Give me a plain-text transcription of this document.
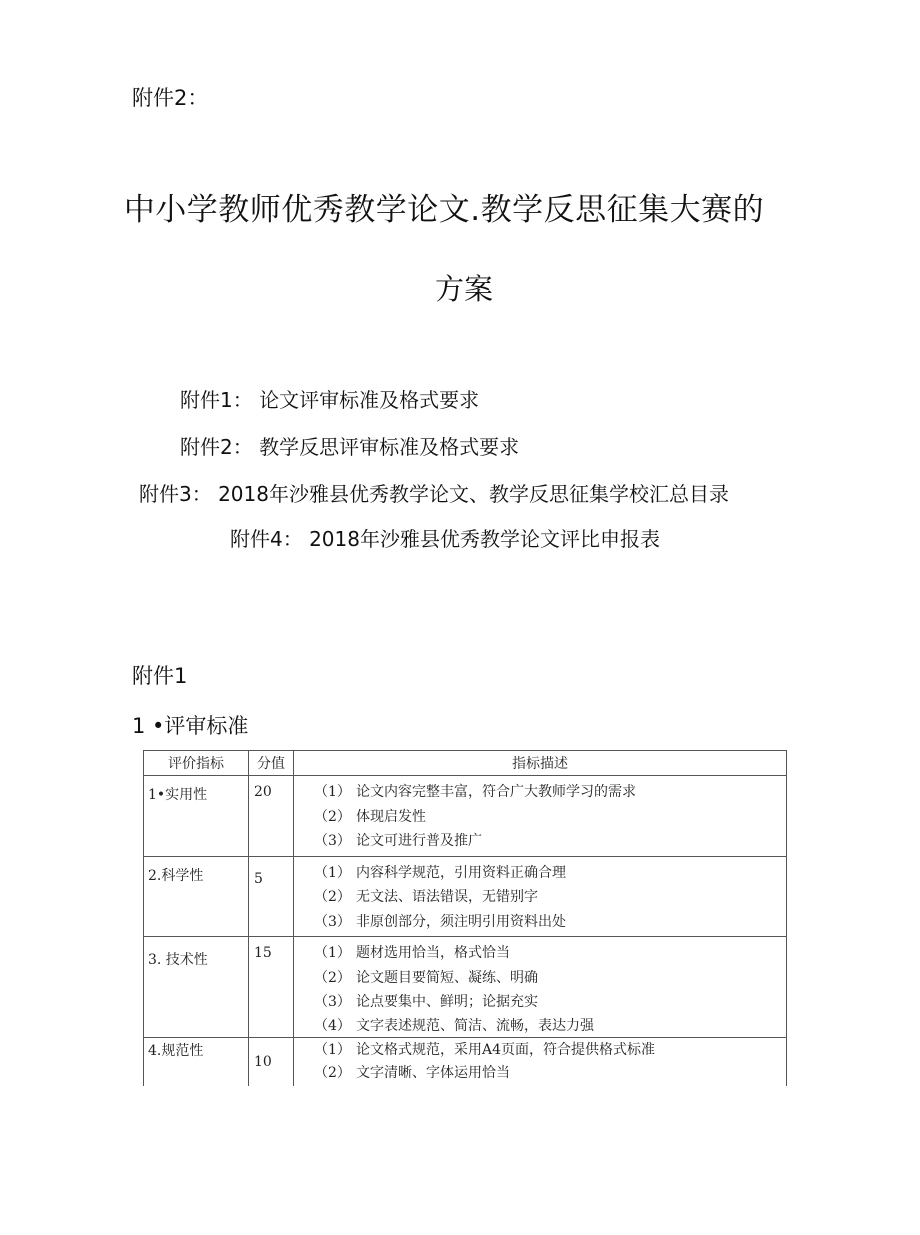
附件2：
中小学教师优秀教学论文.教学反思征集大赛的
方案
附件1： 论文评审标准及格式要求
附件2： 教学反思评审标准及格式要求
附件3： 2018年沙雅县优秀教学论文、教学反思征集学校汇总目录
附件4： 2018年沙雅县优秀教学论文评比申报表
附件1
1 •评审标准
评价指标	分值	指标描述
1•实用性	20	（1） 论文内容完整丰富，符合广大教师学习的需求
（2） 体现启发性
（3） 论文可进行普及推广

2.科学性	5	（1） 内容科学规范，引用资料正确合理
（2） 无文法、语法错误，无错别字
（3） 非原创部分，须注明引用资料出处

3. 技术性	15	（1） 题材选用恰当，格式恰当
（2） 论文题目要简短、凝练、明确
（3） 论点要集中、鲜明；论据充实
（4） 文字表述规范、简洁、流畅，表达力强

4.规范性	10	（1） 论文格式规范，采用A4页面，符合提供格式标准
（2） 文字清晰、字体运用恰当
